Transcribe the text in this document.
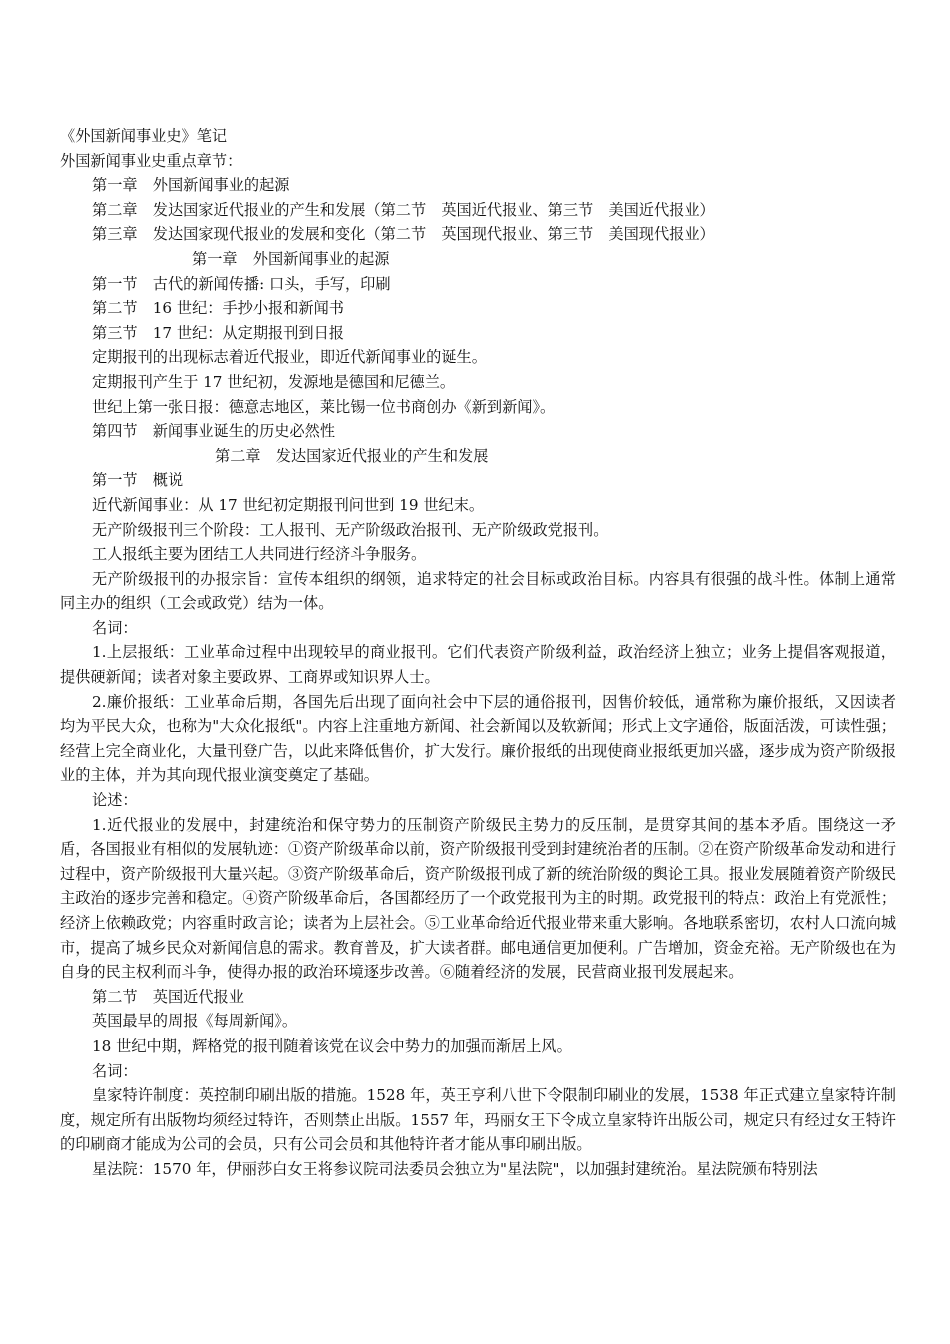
《外国新闻事业史》笔记
外国新闻事业史重点章节：
第一章　外国新闻事业的起源
第二章　发达国家近代报业的产生和发展（第二节　英国近代报业、第三节　美国近代报业）
第三章　发达国家现代报业的发展和变化（第二节　英国现代报业、第三节　美国现代报业）
第一章　外国新闻事业的起源
第一节　古代的新闻传播: 口头，手写，印刷
第二节　16 世纪：手抄小报和新闻书
第三节　17 世纪：从定期报刊到日报
定期报刊的出现标志着近代报业，即近代新闻事业的诞生。
定期报刊产生于 17 世纪初，发源地是德国和尼德兰。
世纪上第一张日报：德意志地区，莱比锡一位书商创办《新到新闻》。
第四节　新闻事业诞生的历史必然性
第二章　发达国家近代报业的产生和发展
第一节　概说
近代新闻事业：从 17 世纪初定期报刊问世到 19 世纪末。
无产阶级报刊三个阶段：工人报刊、无产阶级政治报刊、无产阶级政党报刊。
工人报纸主要为团结工人共同进行经济斗争服务。
无产阶级报刊的办报宗旨：宣传本组织的纲领，追求特定的社会目标或政治目标。内容具有很强的战斗性。体制上通常同主办的组织（工会或政党）结为一体。
名词：
1.上层报纸：工业革命过程中出现较早的商业报刊。它们代表资产阶级利益，政治经济上独立；业务上提倡客观报道，提供硬新闻；读者对象主要政界、工商界或知识界人士。
2.廉价报纸：工业革命后期，各国先后出现了面向社会中下层的通俗报刊，因售价较低，通常称为廉价报纸，又因读者均为平民大众，也称为"大众化报纸"。内容上注重地方新闻、社会新闻以及软新闻；形式上文字通俗，版面活泼，可读性强；经营上完全商业化，大量刊登广告，以此来降低售价，扩大发行。廉价报纸的出现使商业报纸更加兴盛，逐步成为资产阶级报业的主体，并为其向现代报业演变奠定了基础。
论述：
1.近代报业的发展中，封建统治和保守势力的压制资产阶级民主势力的反压制，是贯穿其间的基本矛盾。围绕这一矛盾，各国报业有相似的发展轨迹：①资产阶级革命以前，资产阶级报刊受到封建统治者的压制。②在资产阶级革命发动和进行过程中，资产阶级报刊大量兴起。③资产阶级革命后，资产阶级报刊成了新的统治阶级的舆论工具。报业发展随着资产阶级民主政治的逐步完善和稳定。④资产阶级革命后，各国都经历了一个政党报刊为主的时期。政党报刊的特点：政治上有党派性；经济上依赖政党；内容重时政言论；读者为上层社会。⑤工业革命给近代报业带来重大影响。各地联系密切，农村人口流向城市，提高了城乡民众对新闻信息的需求。教育普及，扩大读者群。邮电通信更加便利。广告增加，资金充裕。无产阶级也在为自身的民主权利而斗争，使得办报的政治环境逐步改善。⑥随着经济的发展，民营商业报刊发展起来。
第二节　英国近代报业
英国最早的周报《每周新闻》。
18 世纪中期，辉格党的报刊随着该党在议会中势力的加强而渐居上风。
名词：
皇家特许制度：英控制印刷出版的措施。1528 年，英王亨利八世下令限制印刷业的发展，1538 年正式建立皇家特许制度，规定所有出版物均须经过特许，否则禁止出版。1557 年，玛丽女王下令成立皇家特许出版公司，规定只有经过女王特许的印刷商才能成为公司的会员，只有公司会员和其他特许者才能从事印刷出版。
星法院：1570 年，伊丽莎白女王将参议院司法委员会独立为"星法院"，以加强封建统治。星法院颁布特别法
